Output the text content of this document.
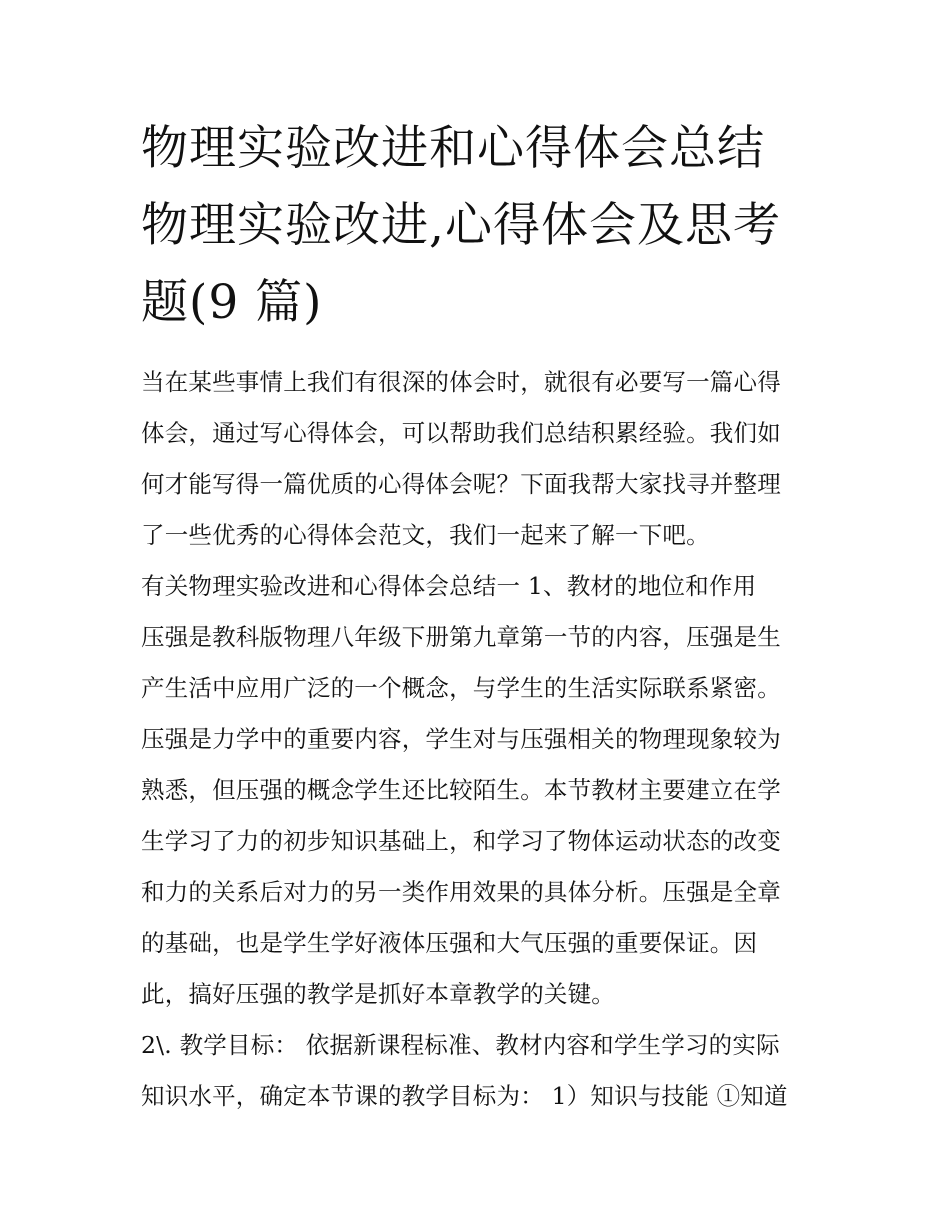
物理实验改进和心得体会总结
物理实验改进,心得体会及思考
题(9 篇)
当在某些事情上我们有很深的体会时，就很有必要写一篇心得
体会，通过写心得体会，可以帮助我们总结积累经验。我们如
何才能写得一篇优质的心得体会呢？下面我帮大家找寻并整理
了一些优秀的心得体会范文，我们一起来了解一下吧。
有关物理实验改进和心得体会总结一 1、教材的地位和作用
压强是教科版物理八年级下册第九章第一节的内容，压强是生
产生活中应用广泛的一个概念，与学生的生活实际联系紧密。
压强是力学中的重要内容，学生对与压强相关的物理现象较为
熟悉，但压强的概念学生还比较陌生。本节教材主要建立在学
生学习了力的初步知识基础上，和学习了物体运动状态的改变
和力的关系后对力的另一类作用效果的具体分析。压强是全章
的基础，也是学生学好液体压强和大气压强的重要保证。因
此，搞好压强的教学是抓好本章教学的关键。
2\. 教学目标： 依据新课程标准、教材内容和学生学习的实际
知识水平，确定本节课的教学目标为： 1）知识与技能 ①知道
